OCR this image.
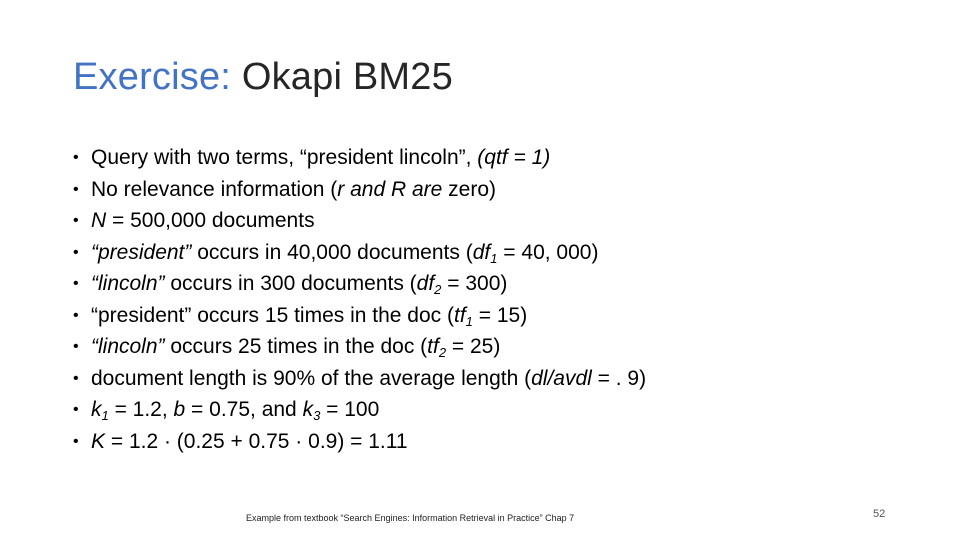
Exercise: Okapi BM25
• Query with two terms, “president lincoln”, (qtf = 1)
• No relevance information (r and R are zero)
• N = 500,000 documents
• “president” occurs in 40,000 documents ($df_1 = 40$, 000)
• “lincoln” occurs in 300 documents $(df_2 = 300)$
• “president” occurs 15 times in the doc $(tf_1 = 15)$
• “lincoln” occurs 25 times in the doc $(tf_2 = 25)$
• document length is 90% of the average length (dl/avdl = . 9)
• $k_1 = 1.2$, b = 0.75, and $k_3 = 100$
• K = 1.2 · (0.25 + 0.75 · 0.9) = 1.11
Example from textbook “Search Engines: Information Retrieval in Practice” Chap 7	52
